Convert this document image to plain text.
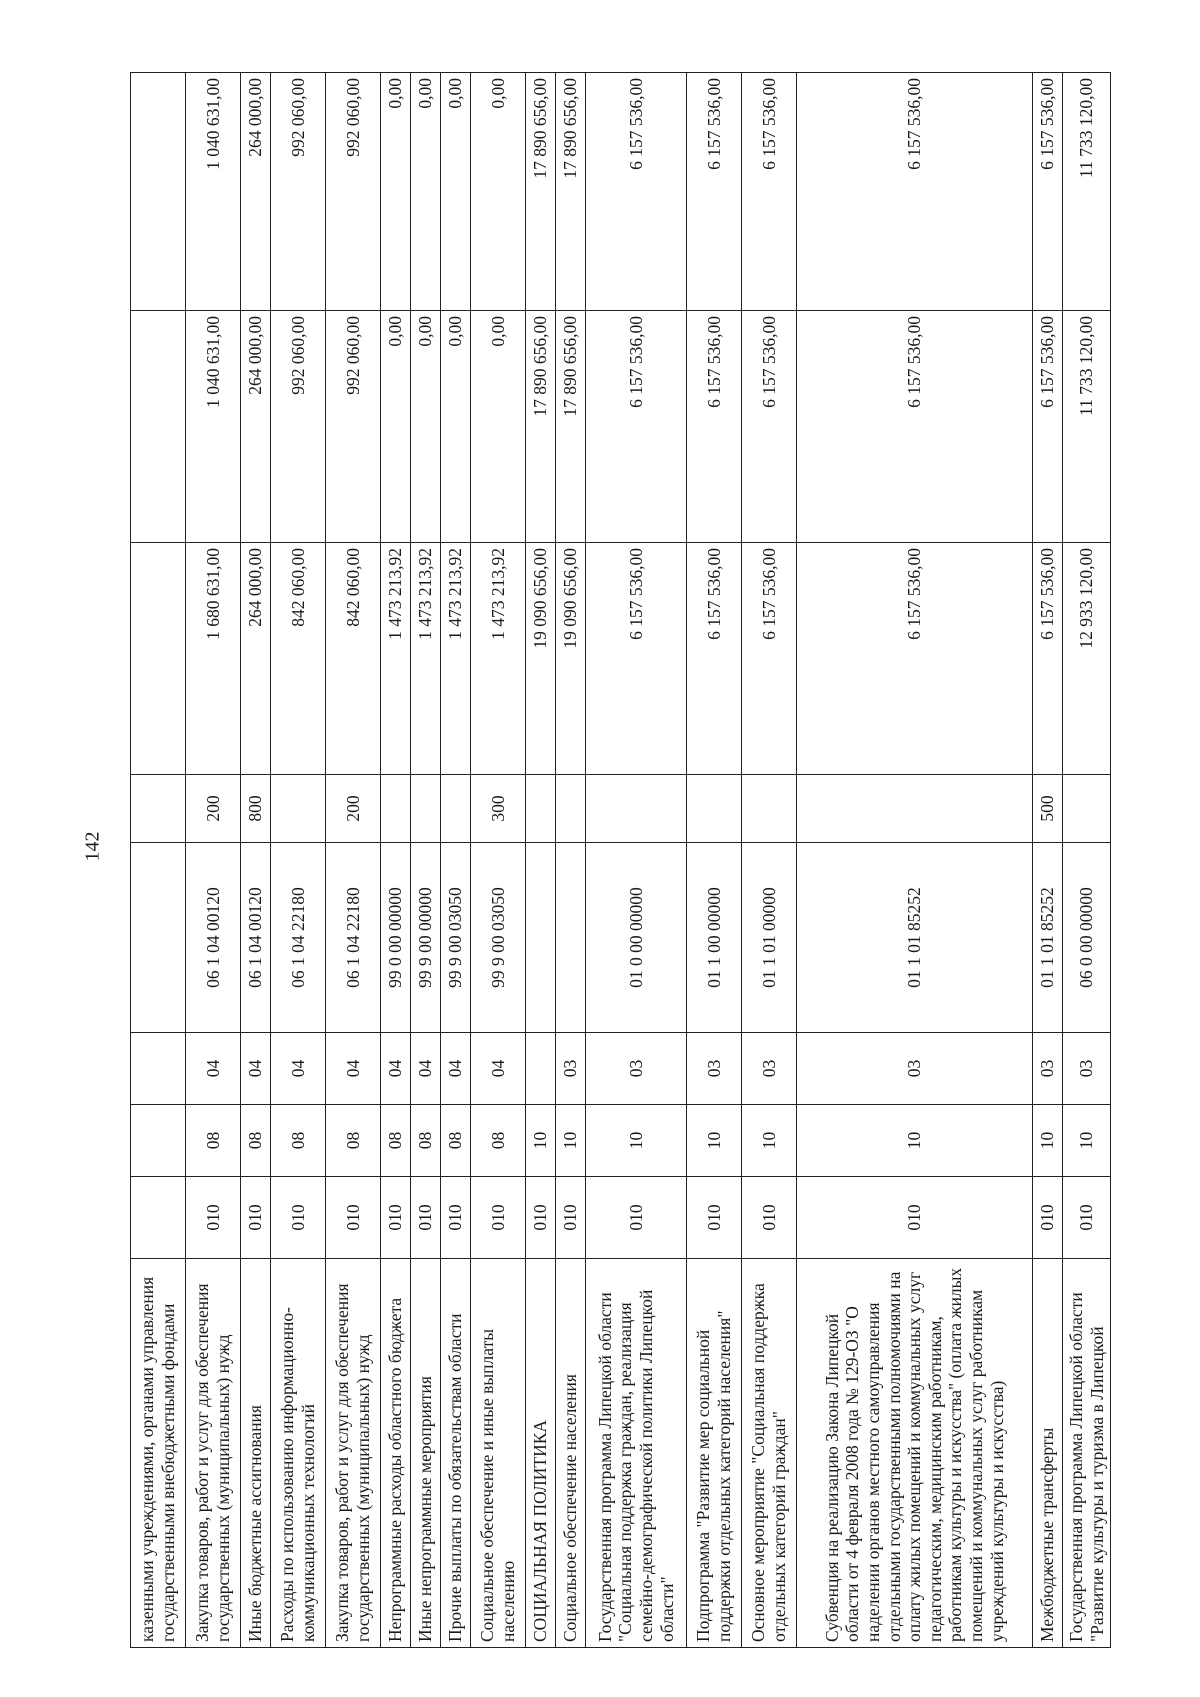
142
казенными учреждениями, органами управления государственными внебюджетными фондами								
Закупка товаров, работ и услуг для обеспечения государственных (муниципальных) нужд	010	08	04	06 1 04 00120	200	1 680 631,00	1 040 631,00	1 040 631,00
Иные бюджетные ассигнования	010	08	04	06 1 04 00120	800	264 000,00	264 000,00	264 000,00
Расходы по использованию информационно-коммуникационных технологий	010	08	04	06 1 04 22180		842 060,00	992 060,00	992 060,00
Закупка товаров, работ и услуг для обеспечения государственных (муниципальных) нужд	010	08	04	06 1 04 22180	200	842 060,00	992 060,00	992 060,00
Непрограммные расходы областного бюджета	010	08	04	99 0 00 00000		1 473 213,92	0,00	0,00
Иные непрограммные мероприятия	010	08	04	99 9 00 00000		1 473 213,92	0,00	0,00
Прочие выплаты по обязательствам области	010	08	04	99 9 00 03050		1 473 213,92	0,00	0,00
Социальное обеспечение и иные выплаты населению	010	08	04	99 9 00 03050	300	1 473 213,92	0,00	0,00
СОЦИАЛЬНАЯ ПОЛИТИКА	010	10				19 090 656,00	17 890 656,00	17 890 656,00
Социальное обеспечение населения	010	10	03			19 090 656,00	17 890 656,00	17 890 656,00
Государственная программа Липецкой области "Социальная поддержка граждан, реализация семейно-демографической политики Липецкой области"	010	10	03	01 0 00 00000		6 157 536,00	6 157 536,00	6 157 536,00
Подпрограмма "Развитие мер социальной поддержки отдельных категорий населения"	010	10	03	01 1 00 00000		6 157 536,00	6 157 536,00	6 157 536,00
Основное мероприятие "Социальная поддержка отдельных категорий граждан"	010	10	03	01 1 01 00000		6 157 536,00	6 157 536,00	6 157 536,00
Субвенция на реализацию Закона Липецкой области от 4 февраля 2008 года № 129-ОЗ "О наделении органов местного самоуправления отдельными государственными полномочиями на оплату жилых помещений и коммунальных услуг педагогическим, медицинским работникам, работникам культуры и искусства" (оплата жилых помещений и коммунальных услуг работникам учреждений культуры и искусства)	010	10	03	01 1 01 85252		6 157 536,00	6 157 536,00	6 157 536,00
Межбюджетные трансферты	010	10	03	01 1 01 85252	500	6 157 536,00	6 157 536,00	6 157 536,00
Государственная программа Липецкой области "Развитие культуры и туризма в Липецкой	010	10	03	06 0 00 00000		12 933 120,00	11 733 120,00	11 733 120,00
